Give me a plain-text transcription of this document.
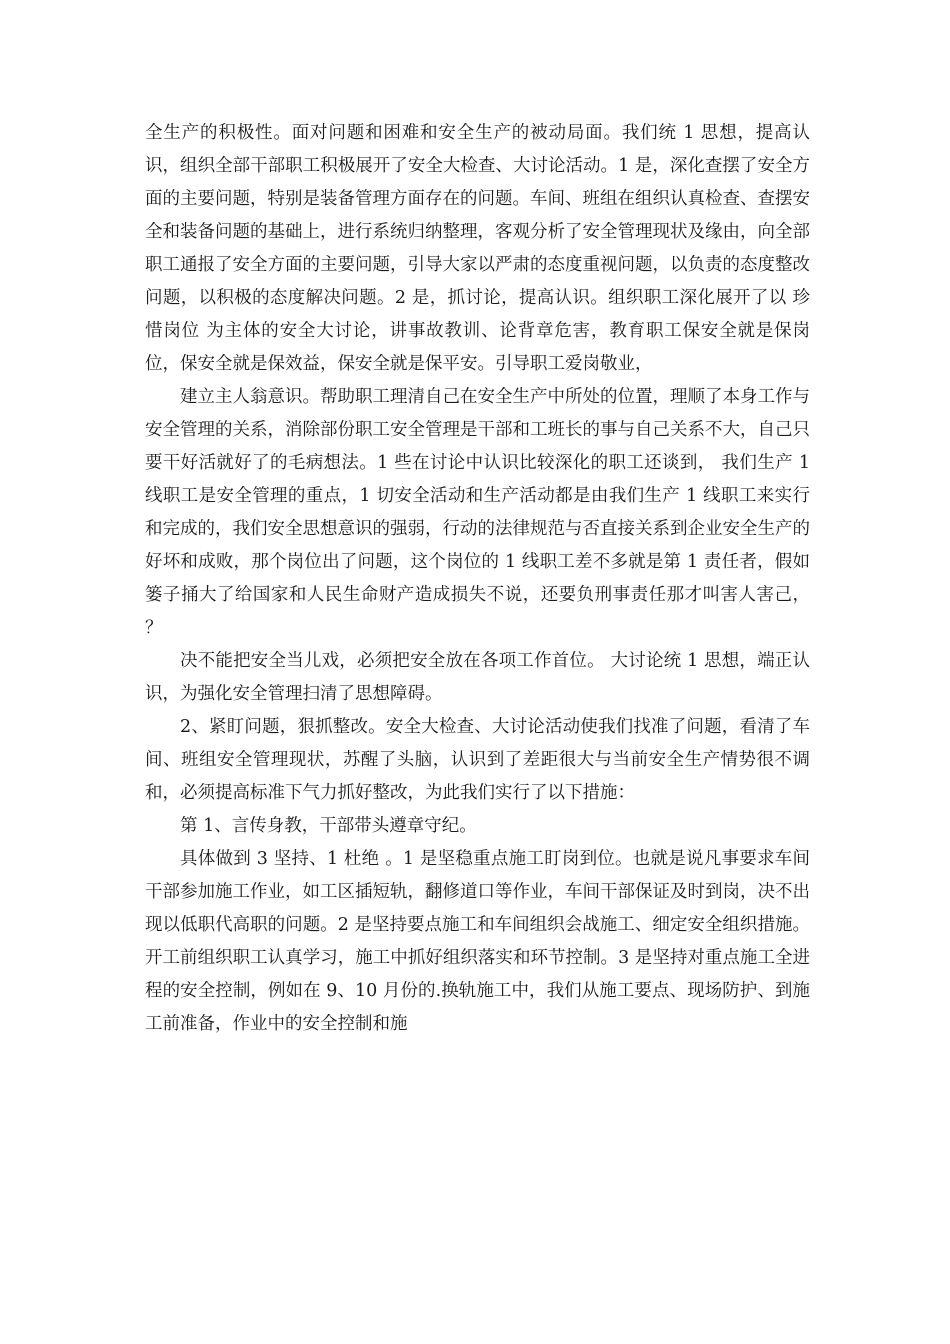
全生产的积极性。面对问题和困难和安全生产的被动局面。我们统 1 思想，提高认识，组织全部干部职工积极展开了安全大检查、大讨论活动。1 是，深化查摆了安全方面的主要问题，特别是装备管理方面存在的问题。车间、班组在组织认真检查、查摆安全和装备问题的基础上，进行系统归纳整理，客观分析了安全管理现状及缘由，向全部职工通报了安全方面的主要问题，引导大家以严肃的态度重视问题，以负责的态度整改问题，以积极的态度解决问题。2 是，抓讨论，提高认识。组织职工深化展开了以 珍惜岗位 为主体的安全大讨论，讲事故教训、论背章危害，教育职工保安全就是保岗位，保安全就是保效益，保安全就是保平安。引导职工爱岗敬业，

建立主人翁意识。帮助职工理清自己在安全生产中所处的位置，理顺了本身工作与安全管理的关系，消除部份职工安全管理是干部和工班长的事与自己关系不大，自己只要干好活就好了的毛病想法。1 些在讨论中认识比较深化的职工还谈到， 我们生产 1 线职工是安全管理的重点，1 切安全活动和生产活动都是由我们生产 1 线职工来实行和完成的，我们安全思想意识的强弱，行动的法律规范与否直接关系到企业安全生产的好坏和成败，那个岗位出了问题，这个岗位的 1 线职工差不多就是第 1 责任者，假如篓子捅大了给国家和人民生命财产造成损失不说，还要负刑事责任那才叫害人害己， ？

决不能把安全当儿戏，必须把安全放在各项工作首位。 大讨论统 1 思想，端正认识，为强化安全管理扫清了思想障碍。

2、紧盯问题，狠抓整改。安全大检查、大讨论活动使我们找准了问题，看清了车间、班组安全管理现状，苏醒了头脑，认识到了差距很大与当前安全生产情势很不调和，必须提高标准下气力抓好整改，为此我们实行了以下措施：

第 1、言传身教，干部带头遵章守纪。

具体做到 3 坚持、1 杜绝 。1 是坚稳重点施工盯岗到位。也就是说凡事要求车间干部参加施工作业，如工区插短轨，翻修道口等作业，车间干部保证及时到岗，决不出现以低职代高职的问题。2 是坚持要点施工和车间组织会战施工、细定安全组织措施。开工前组织职工认真学习，施工中抓好组织落实和环节控制。3 是坚持对重点施工全进程的安全控制，例如在 9、10 月份的.换轨施工中，我们从施工要点、现场防护、到施工前准备，作业中的安全控制和施
